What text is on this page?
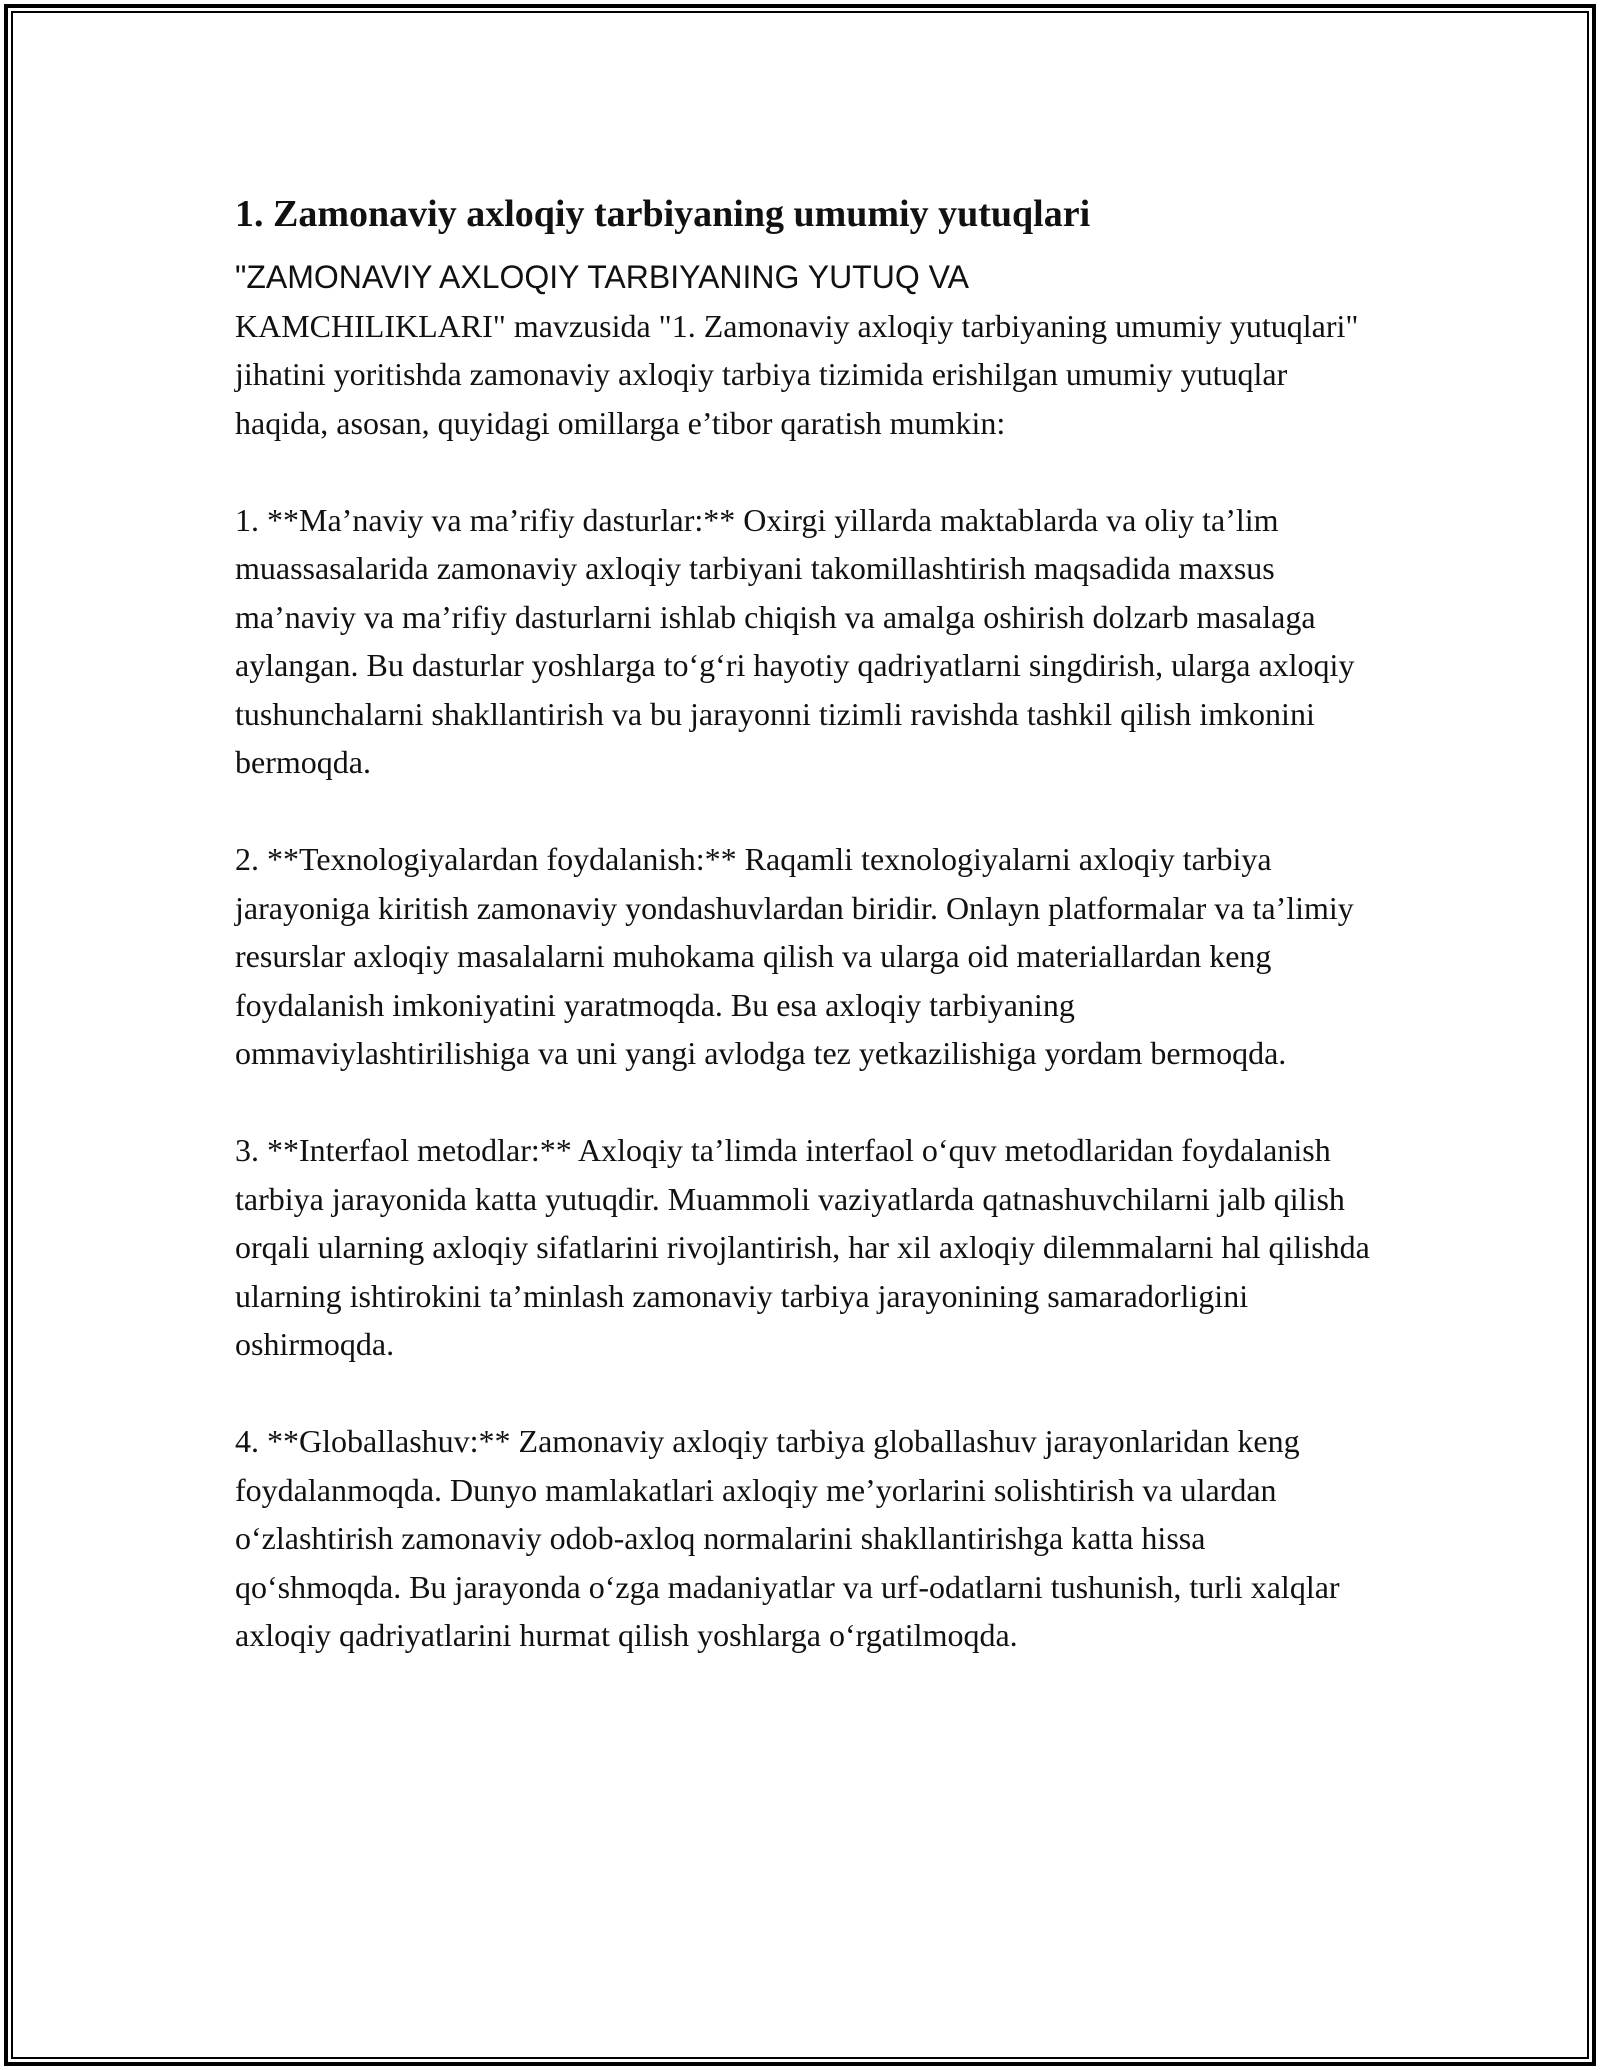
1. Zamonaviy axloqiy tarbiyaning umumiy yutuqlari

"ZAMONAVIY AXLOQIY TARBIYANING YUTUQ VA
KAMCHILIKLARI" mavzusida "1. Zamonaviy axloqiy tarbiyaning umumiy yutuqlari" jihatini yoritishda zamonaviy axloqiy tarbiya tizimida erishilgan umumiy yutuqlar haqida, asosan, quyidagi omillarga e’tibor qaratish mumkin:

1. **Ma’naviy va ma’rifiy dasturlar:** Oxirgi yillarda maktablarda va oliy ta’lim muassasalarida zamonaviy axloqiy tarbiyani takomillashtirish maqsadida maxsus ma’naviy va ma’rifiy dasturlarni ishlab chiqish va amalga oshirish dolzarb masalaga aylangan. Bu dasturlar yoshlarga to‘g‘ri hayotiy qadriyatlarni singdirish, ularga axloqiy tushunchalarni shakllantirish va bu jarayonni tizimli ravishda tashkil qilish imkonini bermoqda.

2. **Texnologiyalardan foydalanish:** Raqamli texnologiyalarni axloqiy tarbiya jarayoniga kiritish zamonaviy yondashuvlardan biridir. Onlayn platformalar va ta’limiy resurslar axloqiy masalalarni muhokama qilish va ularga oid materiallardan keng foydalanish imkoniyatini yaratmoqda. Bu esa axloqiy tarbiyaning ommaviylashtirilishiga va uni yangi avlodga tez yetkazilishiga yordam bermoqda.

3. **Interfaol metodlar:** Axloqiy ta’limda interfaol o‘quv metodlaridan foydalanish tarbiya jarayonida katta yutuqdir. Muammoli vaziyatlarda qatnashuvchilarni jalb qilish orqali ularning axloqiy sifatlarini rivojlantirish, har xil axloqiy dilemmalarni hal qilishda ularning ishtirokini ta’minlash zamonaviy tarbiya jarayonining samaradorligini oshirmoqda.

4. **Globallashuv:** Zamonaviy axloqiy tarbiya globallashuv jarayonlaridan keng foydalanmoqda. Dunyo mamlakatlari axloqiy me’yorlarini solishtirish va ulardan o‘zlashtirish zamonaviy odob-axloq normalarini shakllantirishga katta hissa qo‘shmoqda. Bu jarayonda o‘zga madaniyatlar va urf-odatlarni tushunish, turli xalqlar axloqiy qadriyatlarini hurmat qilish yoshlarga o‘rgatilmoqda.
